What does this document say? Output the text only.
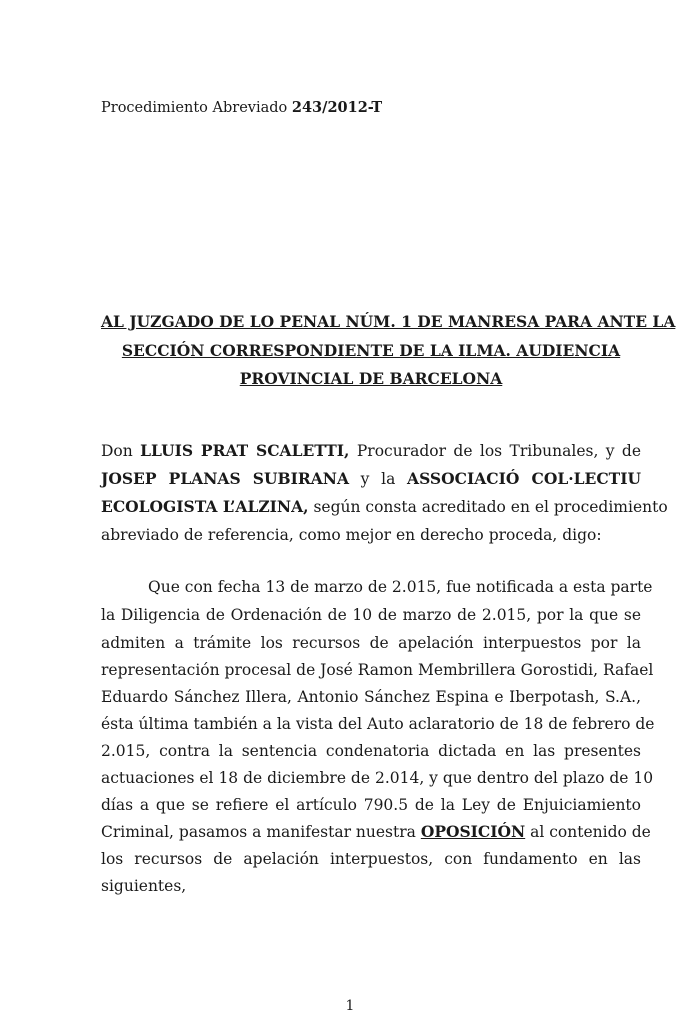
Procedimiento Abreviado 243/2012-T
AL JUZGADO DE LO PENAL NÚM. 1 DE MANRESA PARA ANTE LA
SECCIÓN CORRESPONDIENTE DE LA ILMA. AUDIENCIA
PROVINCIAL DE BARCELONA
Don LLUIS PRAT SCALETTI, Procurador de los Tribunales, y de
JOSEP PLANAS SUBIRANA y la ASSOCIACIÓ COL·LECTIU
ECOLOGISTA L’ALZINA, según consta acreditado en el procedimiento
abreviado de referencia, como mejor en derecho proceda, digo:
Que con fecha 13 de marzo de 2.015, fue notificada a esta parte
la Diligencia de Ordenación de 10 de marzo de 2.015, por la que se
admiten a trámite los recursos de apelación interpuestos por la
representación procesal de José Ramon Membrillera Gorostidi, Rafael
Eduardo Sánchez Illera, Antonio Sánchez Espina e Iberpotash, S.A.,
ésta última también a la vista del Auto aclaratorio de 18 de febrero de
2.015, contra la sentencia condenatoria dictada en las presentes
actuaciones el 18 de diciembre de 2.014, y que dentro del plazo de 10
días a que se refiere el artículo 790.5 de la Ley de Enjuiciamiento
Criminal, pasamos a manifestar nuestra OPOSICIÓN al contenido de
los recursos de apelación interpuestos, con fundamento en las
siguientes,
1
